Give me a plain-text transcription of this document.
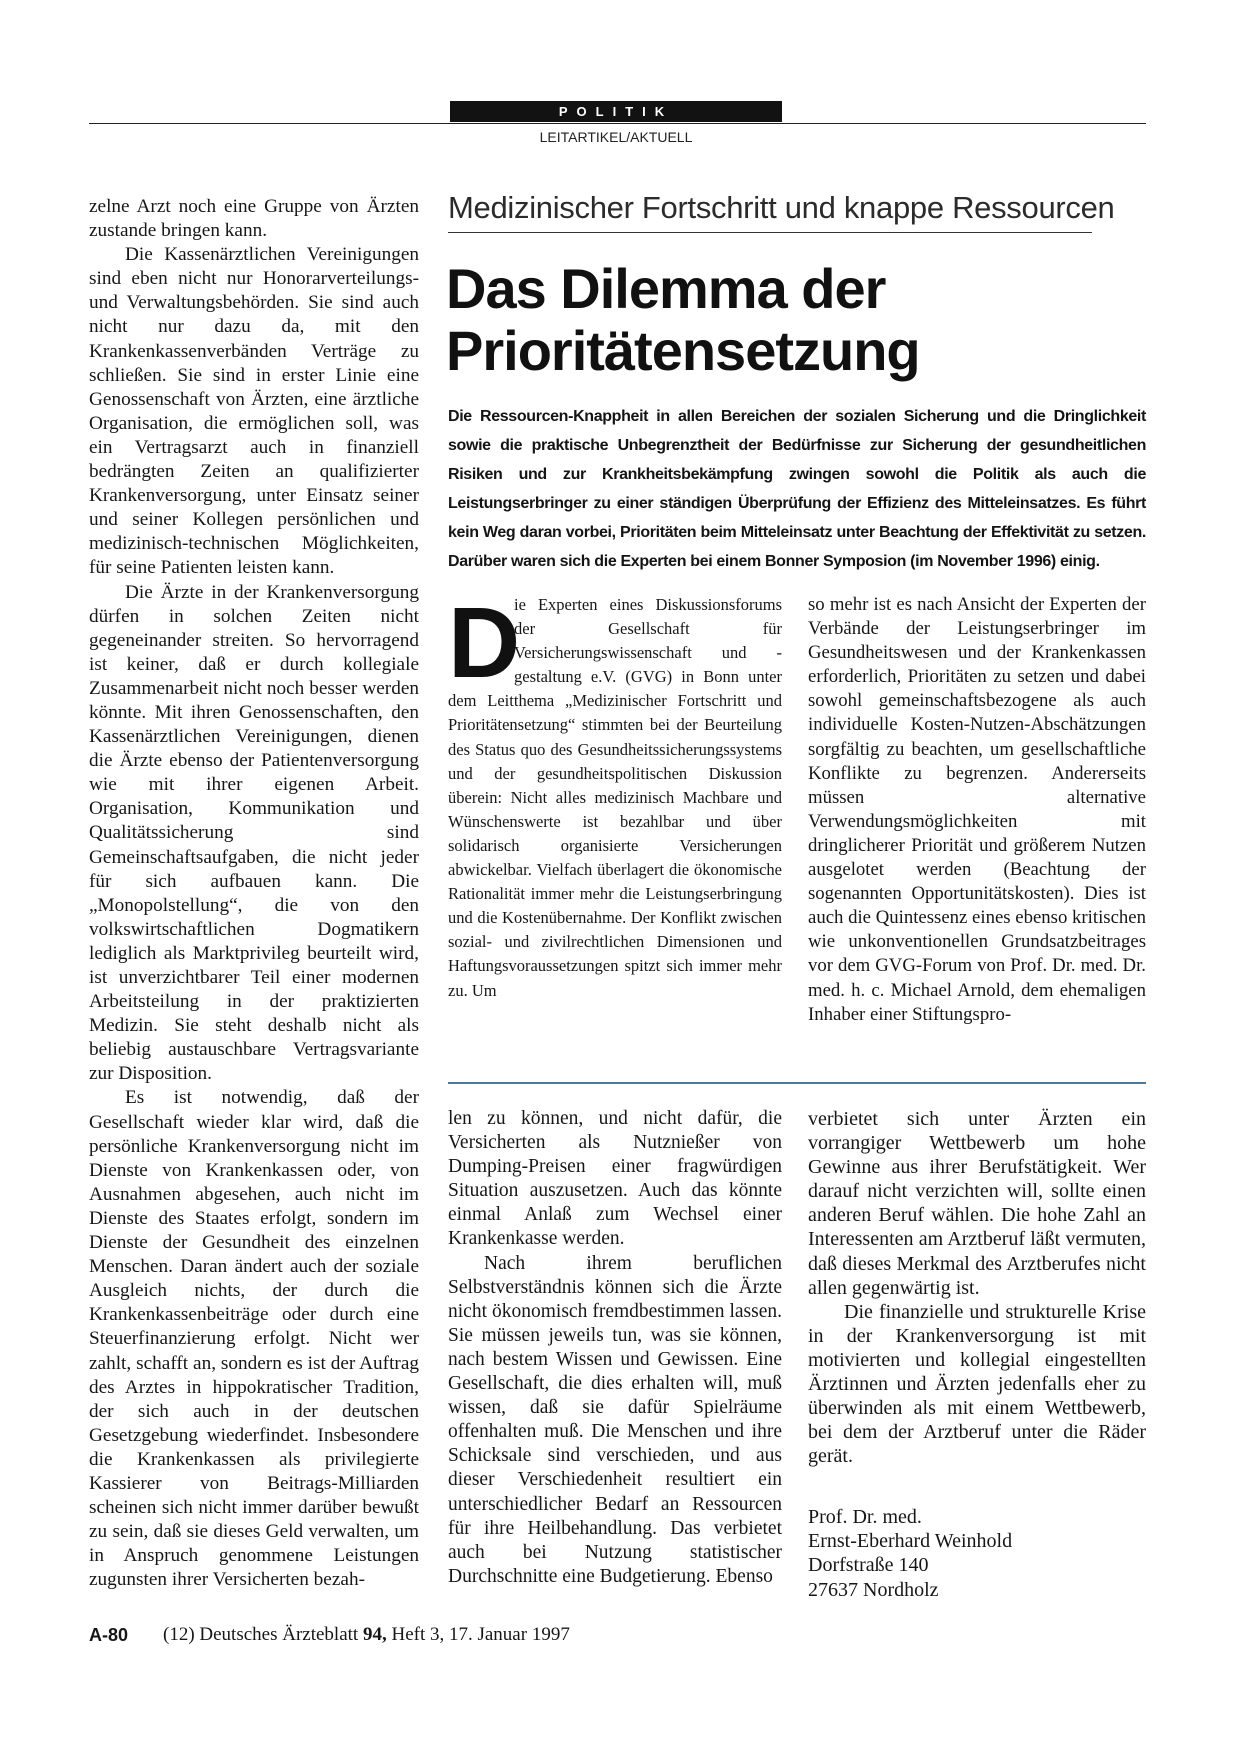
POLITIK
LEITARTIKEL/AKTUELL

zelne Arzt noch eine Gruppe von Ärzten zustande bringen kann.

Die Kassenärztlichen Vereinigungen sind eben nicht nur Honorarverteilungs- und Verwaltungsbehörden. Sie sind auch nicht nur dazu da, mit den Krankenkassenverbänden Verträge zu schließen. Sie sind in erster Linie eine Genossenschaft von Ärzten, eine ärztliche Organisation, die ermöglichen soll, was ein Vertragsarzt auch in finanziell bedrängten Zeiten an qualifizierter Krankenversorgung, unter Einsatz seiner und seiner Kollegen persönlichen und medizinisch-technischen Möglichkeiten, für seine Patienten leisten kann.

Die Ärzte in der Krankenversorgung dürfen in solchen Zeiten nicht gegeneinander streiten. So hervorragend ist keiner, daß er durch kollegiale Zusammenarbeit nicht noch besser werden könnte. Mit ihren Genossenschaften, den Kassenärztlichen Vereinigungen, dienen die Ärzte ebenso der Patientenversorgung wie mit ihrer eigenen Arbeit. Organisation, Kommunikation und Qualitätssicherung sind Gemeinschaftsaufgaben, die nicht jeder für sich aufbauen kann. Die „Monopolstellung“, die von den volkswirtschaftlichen Dogmatikern lediglich als Marktprivileg beurteilt wird, ist unverzichtbarer Teil einer modernen Arbeitsteilung in der praktizierten Medizin. Sie steht deshalb nicht als beliebig austauschbare Vertragsvariante zur Disposition.

Es ist notwendig, daß der Gesellschaft wieder klar wird, daß die persönliche Krankenversorgung nicht im Dienste von Krankenkassen oder, von Ausnahmen abgesehen, auch nicht im Dienste des Staates erfolgt, sondern im Dienste der Gesundheit des einzelnen Menschen. Daran ändert auch der soziale Ausgleich nichts, der durch die Krankenkassenbeiträge oder durch eine Steuerfinanzierung erfolgt. Nicht wer zahlt, schafft an, sondern es ist der Auftrag des Arztes in hippokratischer Tradition, der sich auch in der deutschen Gesetzgebung wiederfindet. Insbesondere die Krankenkassen als privilegierte Kassierer von Beitrags-Milliarden scheinen sich nicht immer darüber bewußt zu sein, daß sie dieses Geld verwalten, um in Anspruch genommene Leistungen zugunsten ihrer Versicherten bezah-

Medizinischer Fortschritt und knappe Ressourcen
Das Dilemma der
Prioritätensetzung

Die Ressourcen-Knappheit in allen Bereichen der sozialen Sicherung und die Dringlichkeit sowie die praktische Unbegrenztheit der Bedürfnisse zur Sicherung der gesundheitlichen Risiken und zur Krankheitsbekämpfung zwingen sowohl die Politik als auch die Leistungserbringer zu einer ständigen Überprüfung der Effizienz des Mitteleinsatzes. Es führt kein Weg daran vorbei, Prioritäten beim Mitteleinsatz unter Beachtung der Effektivität zu setzen. Darüber waren sich die Experten bei einem Bonner Symposion (im November 1996) einig.

D

ie Experten eines Diskussionsforums der Gesellschaft für Versicherungswissenschaft und -gestaltung e.V. (GVG) in Bonn unter dem Leitthema „Medizinischer Fortschritt und Prioritätensetzung“ stimmten bei der Beurteilung des Status quo des Gesundheitssicherungssystems und der gesundheitspolitischen Diskussion überein: Nicht alles medizinisch Machbare und Wünschenswerte ist bezahlbar und über solidarisch organisierte Versicherungen abwickelbar. Vielfach überlagert die ökonomische Rationalität immer mehr die Leistungserbringung und die Kostenübernahme. Der Konflikt zwischen sozial- und zivilrechtlichen Dimensionen und Haftungsvoraussetzungen spitzt sich immer mehr zu. Um

so mehr ist es nach Ansicht der Experten der Verbände der Leistungserbringer im Gesundheitswesen und der Krankenkassen erforderlich, Prioritäten zu setzen und dabei sowohl gemeinschaftsbezogene als auch individuelle Kosten-Nutzen-Abschätzungen sorgfältig zu beachten, um gesellschaftliche Konflikte zu begrenzen. Andererseits müssen alternative Verwendungsmöglichkeiten mit dringlicherer Priorität und größerem Nutzen ausgelotet werden (Beachtung der sogenannten Opportunitätskosten). Dies ist auch die Quintessenz eines ebenso kritischen wie unkonventionellen Grundsatzbeitrages vor dem GVG-Forum von Prof. Dr. med. Dr. med. h. c. Michael Arnold, dem ehemaligen Inhaber einer Stiftungspro-

len zu können, und nicht dafür, die Versicherten als Nutznießer von Dumping-Preisen einer fragwürdigen Situation auszusetzen. Auch das könnte einmal Anlaß zum Wechsel einer Krankenkasse werden.

Nach ihrem beruflichen Selbstverständnis können sich die Ärzte nicht ökonomisch fremdbestimmen lassen. Sie müssen jeweils tun, was sie können, nach bestem Wissen und Gewissen. Eine Gesellschaft, die dies erhalten will, muß wissen, daß sie dafür Spielräume offenhalten muß. Die Menschen und ihre Schicksale sind verschieden, und aus dieser Verschiedenheit resultiert ein unterschiedlicher Bedarf an Ressourcen für ihre Heilbehandlung. Das verbietet auch bei Nutzung statistischer Durchschnitte eine Budgetierung. Ebenso

verbietet sich unter Ärzten ein vorrangiger Wettbewerb um hohe Gewinne aus ihrer Berufstätigkeit. Wer darauf nicht verzichten will, sollte einen anderen Beruf wählen. Die hohe Zahl an Interessenten am Arztberuf läßt vermuten, daß dieses Merkmal des Arztberufes nicht allen gegenwärtig ist.

Die finanzielle und strukturelle Krise in der Krankenversorgung ist mit motivierten und kollegial eingestellten Ärztinnen und Ärzten jedenfalls eher zu überwinden als mit einem Wettbewerb, bei dem der Arztberuf unter die Räder gerät.

Prof. Dr. med.
Ernst-Eberhard Weinhold
Dorfstraße 140
27637 Nordholz
A-80 (12) Deutsches Ärzteblatt 94, Heft 3, 17. Januar 1997
